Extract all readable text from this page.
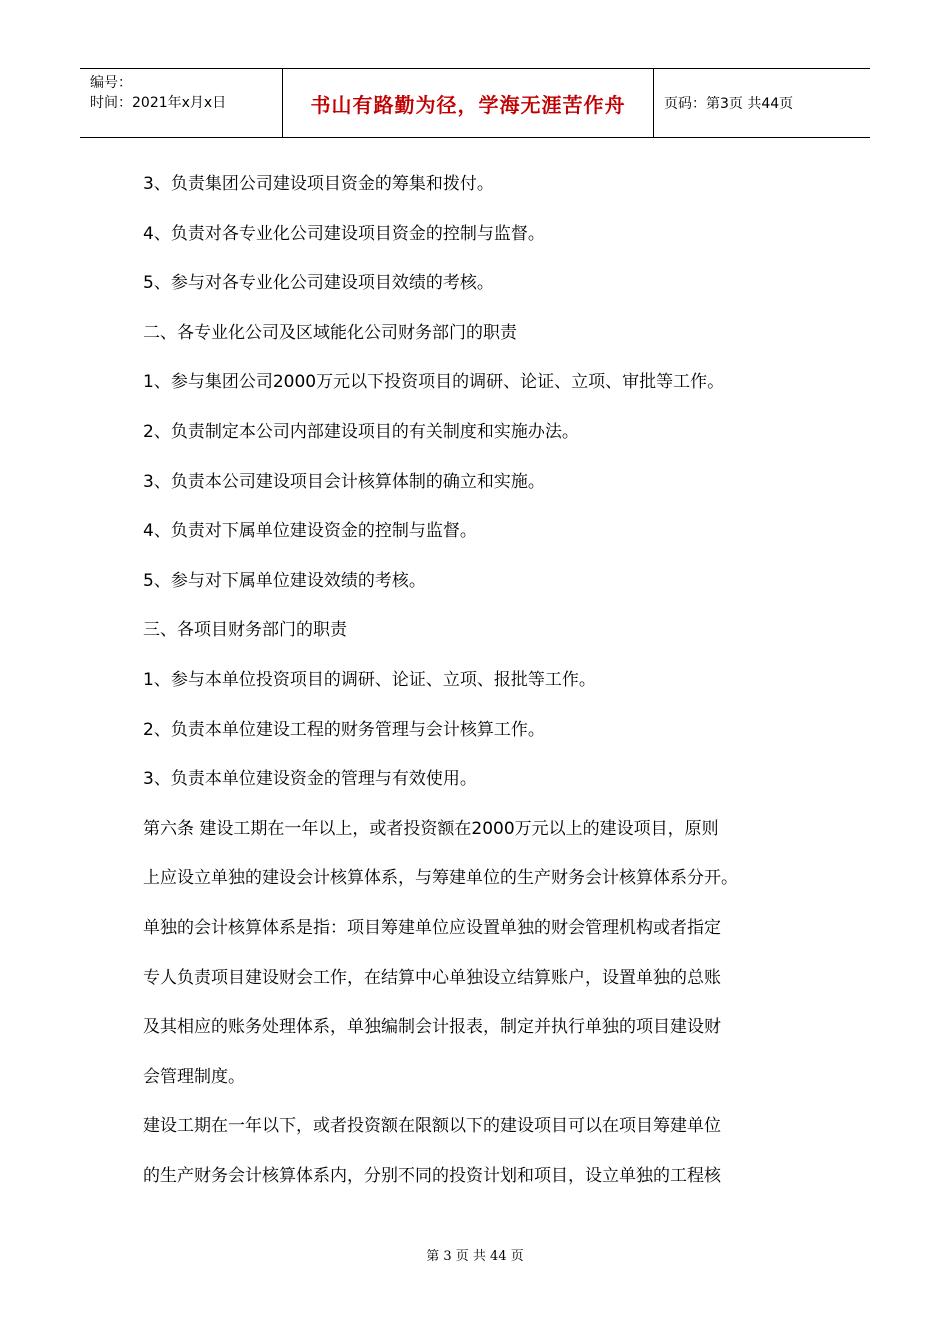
编号：
时间：2021年x月x日	书山有路勤为径，学海无涯苦作舟	页码：第3页 共44页

3、负责集团公司建设项目资金的筹集和拨付。

4、负责对各专业化公司建设项目资金的控制与监督。

5、参与对各专业化公司建设项目效绩的考核。

二、各专业化公司及区域能化公司财务部门的职责

1、参与集团公司2000万元以下投资项目的调研、论证、立项、审批等工作。

2、负责制定本公司内部建设项目的有关制度和实施办法。

3、负责本公司建设项目会计核算体制的确立和实施。

4、负责对下属单位建设资金的控制与监督。

5、参与对下属单位建设效绩的考核。

三、各项目财务部门的职责

1、参与本单位投资项目的调研、论证、立项、报批等工作。

2、负责本单位建设工程的财务管理与会计核算工作。

3、负责本单位建设资金的管理与有效使用。

第六条 建设工期在一年以上，或者投资额在2000万元以上的建设项目，原则

上应设立单独的建设会计核算体系，与筹建单位的生产财务会计核算体系分开。

单独的会计核算体系是指：项目筹建单位应设置单独的财会管理机构或者指定

专人负责项目建设财会工作，在结算中心单独设立结算账户，设置单独的总账

及其相应的账务处理体系，单独编制会计报表，制定并执行单独的项目建设财

会管理制度。

建设工期在一年以下，或者投资额在限额以下的建设项目可以在项目筹建单位

的生产财务会计核算体系内，分别不同的投资计划和项目，设立单独的工程核

第 3 页 共 44 页
